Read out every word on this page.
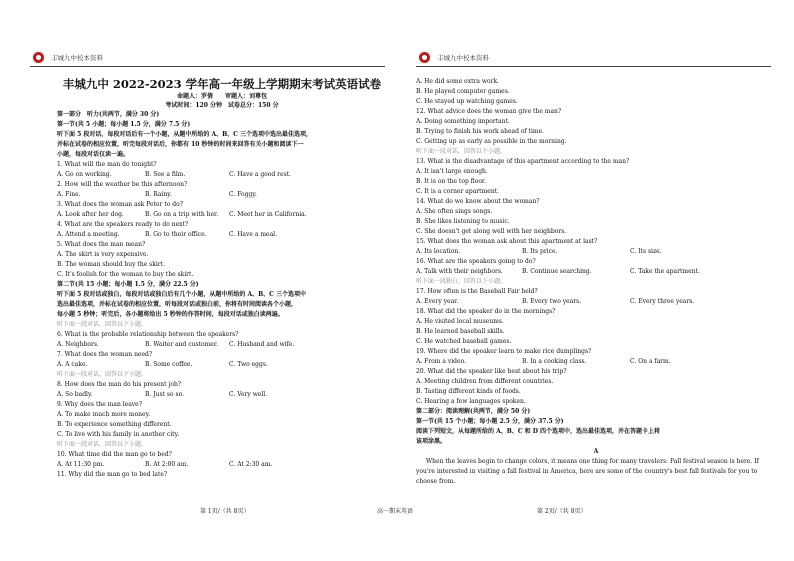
丰城九中校本资料
丰城九中 2022-2023 学年高一年级上学期期末考试英语试卷
命题人：罗倩　　审题人：刘尊包
考试时间：120 分钟　试卷总分：150 分
第一部分　听力(共两节，满分 30 分)
第一节(共 5 小题；每小题 1.5 分，满分 7.5 分)
听下面 5 段对话，每段对话后有一个小题，从题中所给的 A、B、C 三个选项中选出最佳选项，
并标在试卷的相应位置，听完每段对话后，你都有 10 秒钟的时间来回答有关小题和阅读下一
小题，每段对话仅读一遍。
1. What will the man do tonight?
A. Go on working.	B. See a film.	C. Have a good rest.
2. How will the weather be this afternoon?
A. Fine.	B. Rainy.	C. Foggy.
3. What does the woman ask Peter to do?
A. Look after her dog.	B. Go on a trip with her.	C. Meet her in California.
4. What are the speakers ready to do next?
A. Attend a meeting.	B. Go to their office.	C. Have a meal.
5. What does the man mean?
A. The skirt is very expensive.
B. The woman should buy the skirt.
C. It's foolish for the woman to buy the skirt.
第二节(共 15 小题；每小题 1.5 分，满分 22.5 分)
听下面 5 段对话或独白，每段对话或独白后有几个小题，从题中所给的 A、B、C 三个选项中
选出最佳选项，并标在试卷的相应位置，听每段对话或独白前，你将有时间阅读各个小题，
每小题 5 秒钟；听完后，各小题将给出 5 秒钟的作答时间，每段对话或独白读两遍。
听下面一段对话，回答以下小题。
6. What is the probable relationship between the speakers?
A. Neighbors.	B. Waiter and customer.	C. Husband and wife.
7. What does the woman need?
A. A cake.	B. Some coffee.	C. Two eggs.
听下面一段对话，回答以下小题。
8. How does the man do his present job?
A. So badly.	B. Just so so.	C. Very well.
9. Why does the man leave?
A. To make much more money.
B. To experience something different.
C. To live with his family in another city.
听下面一段对话，回答以下小题。
10. What time did the man go to bed?
A. At 11:30 pm.	B. At 2:00 am.	C. At 2:30 am.
11. Why did the man go to bed late?
第 1页/（共 8页）	高一期末英语
丰城九中校本资料
A. He did some extra work.
B. He played computer games.
C. He stayed up watching games.
12. What advice does the woman give the man?
A. Doing something important.
B. Trying to finish his work ahead of time.
C. Getting up as early as possible in the morning.
听下面一段对话，回答以下小题。
13. What is the disadvantage of this apartment according to the man?
A. It isn't large enough.
B. It is on the top floor.
C. It is a corner apartment.
14. What do we know about the woman?
A. She often sings songs.
B. She likes listening to music.
C. She doesn't get along well with her neighbors.
15. What does the woman ask about this apartment at last?
A. Its location.	B. Its price.	C. Its size.
16. What are the speakers going to do?
A. Talk with their neighbors.	B. Continue searching.	C. Take the apartment.
听下面一段独白，回答以下小题。
17. How often is the Baseball Fair held?
A. Every year.	B. Every two years.	C. Every three years.
18. What did the speaker do in the mornings?
A. He visited local museums.
B. He learned baseball skills.
C. He watched baseball games.
19. Where did the speaker learn to make rice dumplings?
A. From a video.	B. In a cooking class.	C. On a farm.
20. What did the speaker like best about his trip?
A. Meeting children from different countries.
B. Tasting different kinds of foods.
C. Hearing a few languages spoken.
第二部分：阅读理解(共两节，满分 50 分)
第一节(共 15 个小题；每小题 2.5 分，满分 37.5 分)
阅读下列短文，从每题所给的 A、B、C 和 D 四个选项中，选出最佳选项，并在答题卡上将
该项涂黑。
A
When the leaves begin to change colors, it means one thing for many travelers: Fall festival season is here. If
you're interested in visiting a fall festival in America, here are some of the country's best fall festivals for you to
choose from.
第 2页/（共 8页）
